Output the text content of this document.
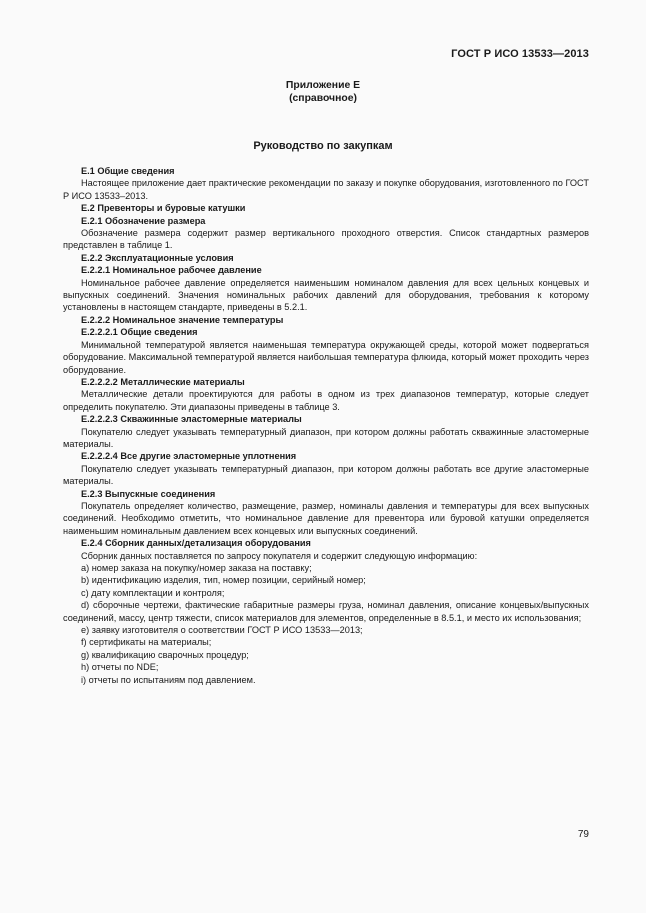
ГОСТ Р ИСО 13533—2013
Приложение Е
(справочное)
Руководство по закупкам
Е.1 Общие сведения
Настоящее приложение дает практические рекомендации по заказу и покупке оборудования, изготовленного по ГОСТ Р ИСО 13533–2013.
Е.2 Превенторы и буровые катушки
Е.2.1 Обозначение размера
Обозначение размера содержит размер вертикального проходного отверстия. Список стандартных размеров представлен в таблице 1.
Е.2.2 Эксплуатационные условия
Е.2.2.1 Номинальное рабочее давление
Номинальное рабочее давление определяется наименьшим номиналом давления для всех цельных концевых и выпускных соединений. Значения номинальных рабочих давлений для оборудования, требования к которому установлены в настоящем стандарте, приведены в 5.2.1.
Е.2.2.2 Номинальное значение температуры
Е.2.2.2.1 Общие сведения
Минимальной температурой является наименьшая температура окружающей среды, которой может подвергаться оборудование. Максимальной температурой является наибольшая температура флюида, который может проходить через оборудование.
Е.2.2.2.2 Металлические материалы
Металлические детали проектируются для работы в одном из трех диапазонов температур, которые следует определить покупателю. Эти диапазоны приведены в таблице 3.
Е.2.2.2.3 Скважинные эластомерные материалы
Покупателю следует указывать температурный диапазон, при котором должны работать скважинные эластомерные материалы.
Е.2.2.2.4 Все другие эластомерные уплотнения
Покупателю следует указывать температурный диапазон, при котором должны работать все другие эластомерные материалы.
Е.2.3 Выпускные соединения
Покупатель определяет количество, размещение, размер, номиналы давления и температуры для всех выпускных соединений. Необходимо отметить, что номинальное давление для превентора или буровой катушки определяется наименьшим номинальным давлением всех концевых или выпускных соединений.
Е.2.4 Сборник данных/детализация оборудования
Сборник данных поставляется по запросу покупателя и содержит следующую информацию:
a) номер заказа на покупку/номер заказа на поставку;
b) идентификацию изделия, тип, номер позиции, серийный номер;
c) дату комплектации и контроля;
d) сборочные чертежи, фактические габаритные размеры груза, номинал давления, описание концевых/выпускных соединений, массу, центр тяжести, список материалов для элементов, определенные в 8.5.1, и место их использования;
e) заявку изготовителя о соответствии ГОСТ Р ИСО 13533—2013;
f) сертификаты на материалы;
g) квалификацию сварочных процедур;
h) отчеты по NDE;
i) отчеты по испытаниям под давлением.
79
